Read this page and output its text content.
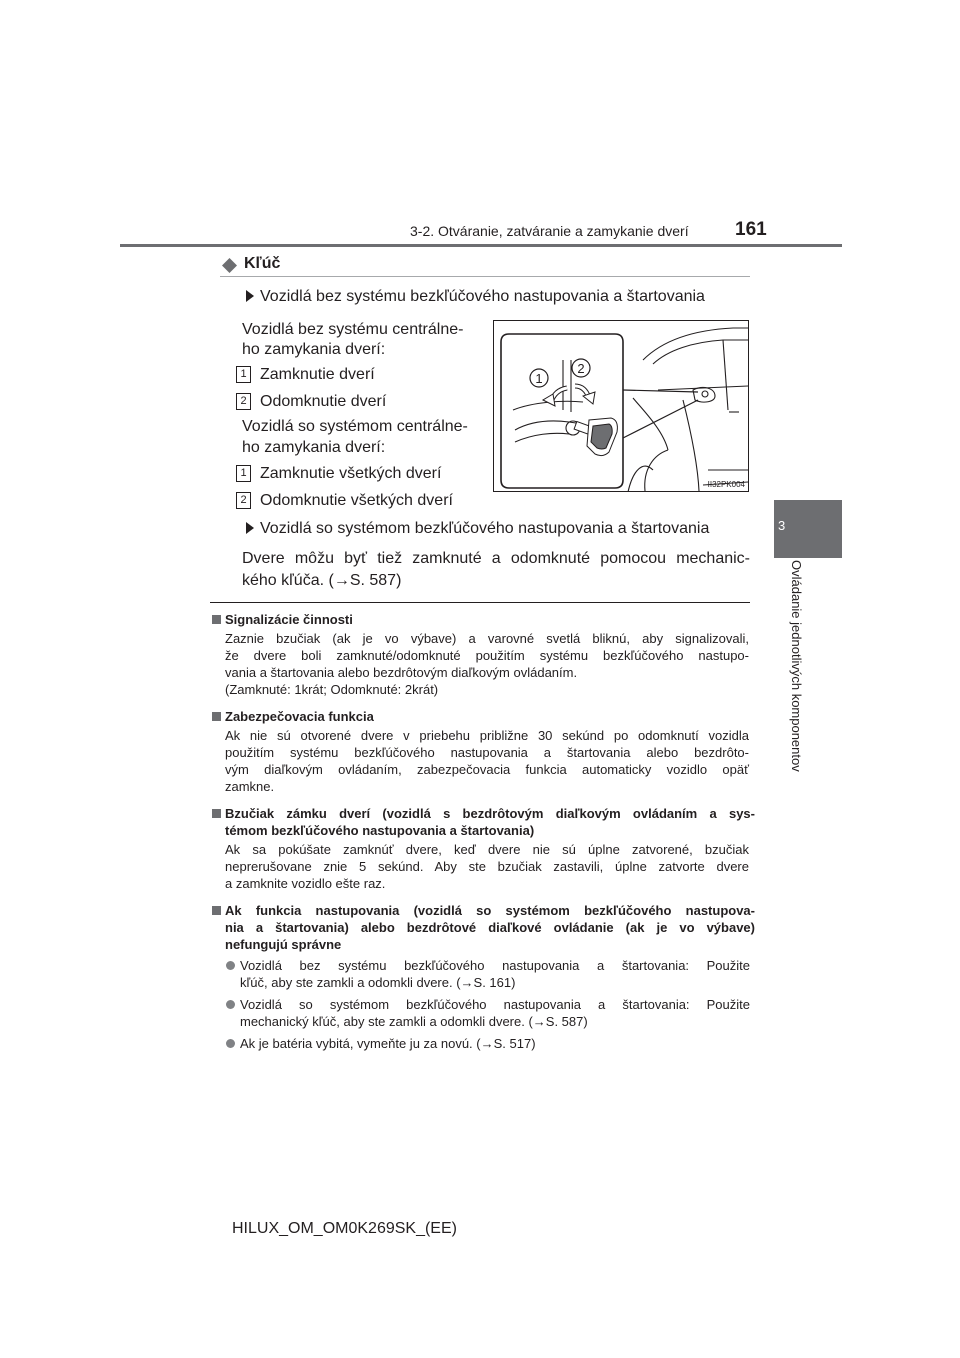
3-2. Otváranie, zatváranie a zamykanie dverí 161
3
Ovládanie jednotlivých komponentov
Kľúč
Vozidlá bez systému bezkľúčového nastupovania a štartovania
Vozidlá bez systému centrálne-
ho zamykania dverí:
1 Zamknutie dverí
2 Odomknutie dverí
Vozidlá so systémom centrálne-
ho zamykania dverí:
1 Zamknutie všetkých dverí
2 Odomknutie všetkých dverí
1
2
II32PK004
Vozidlá so systémom bezkľúčového nastupovania a štartovania
Dvere môžu byť tiež zamknuté a odomknuté pomocou mechanic-
kého kľúča. (→S. 587)
Signalizácie činnosti
Zaznie bzučiak (ak je vo výbave) a varovné svetlá bliknú, aby signalizovali,
že dvere boli zamknuté/odomknuté použitím systému bezkľúčového nastupo-
vania a štartovania alebo bezdrôtovým diaľkovým ovládaním.
(Zamknuté: 1krát; Odomknuté: 2krát)
Zabezpečovacia funkcia
Ak nie sú otvorené dvere v priebehu približne 30 sekúnd po odomknutí vozidla
použitím systému bezkľúčového nastupovania a štartovania alebo bezdrôto-
vým diaľkovým ovládaním, zabezpečovacia funkcia automaticky vozidlo opäť
zamkne.
Bzučiak zámku dverí (vozidlá s bezdrôtovým diaľkovým ovládaním a sys-
témom bezkľúčového nastupovania a štartovania)
Ak sa pokúšate zamknúť dvere, keď dvere nie sú úplne zatvorené, bzučiak
neprerušovane znie 5 sekúnd. Aby ste bzučiak zastavili, úplne zatvorte dvere
a zamknite vozidlo ešte raz.
Ak funkcia nastupovania (vozidlá so systémom bezkľúčového nastupova-
nia a štartovania) alebo bezdrôtové diaľkové ovládanie (ak je vo výbave)
nefungujú správne
Vozidlá bez systému bezkľúčového nastupovania a štartovania: Použite
kľúč, aby ste zamkli a odomkli dvere. (→S. 161)
Vozidlá so systémom bezkľúčového nastupovania a štartovania: Použite
mechanický kľúč, aby ste zamkli a odomkli dvere. (→S. 587)
Ak je batéria vybitá, vymeňte ju za novú. (→S. 517)
HILUX_OM_OM0K269SK_(EE)
